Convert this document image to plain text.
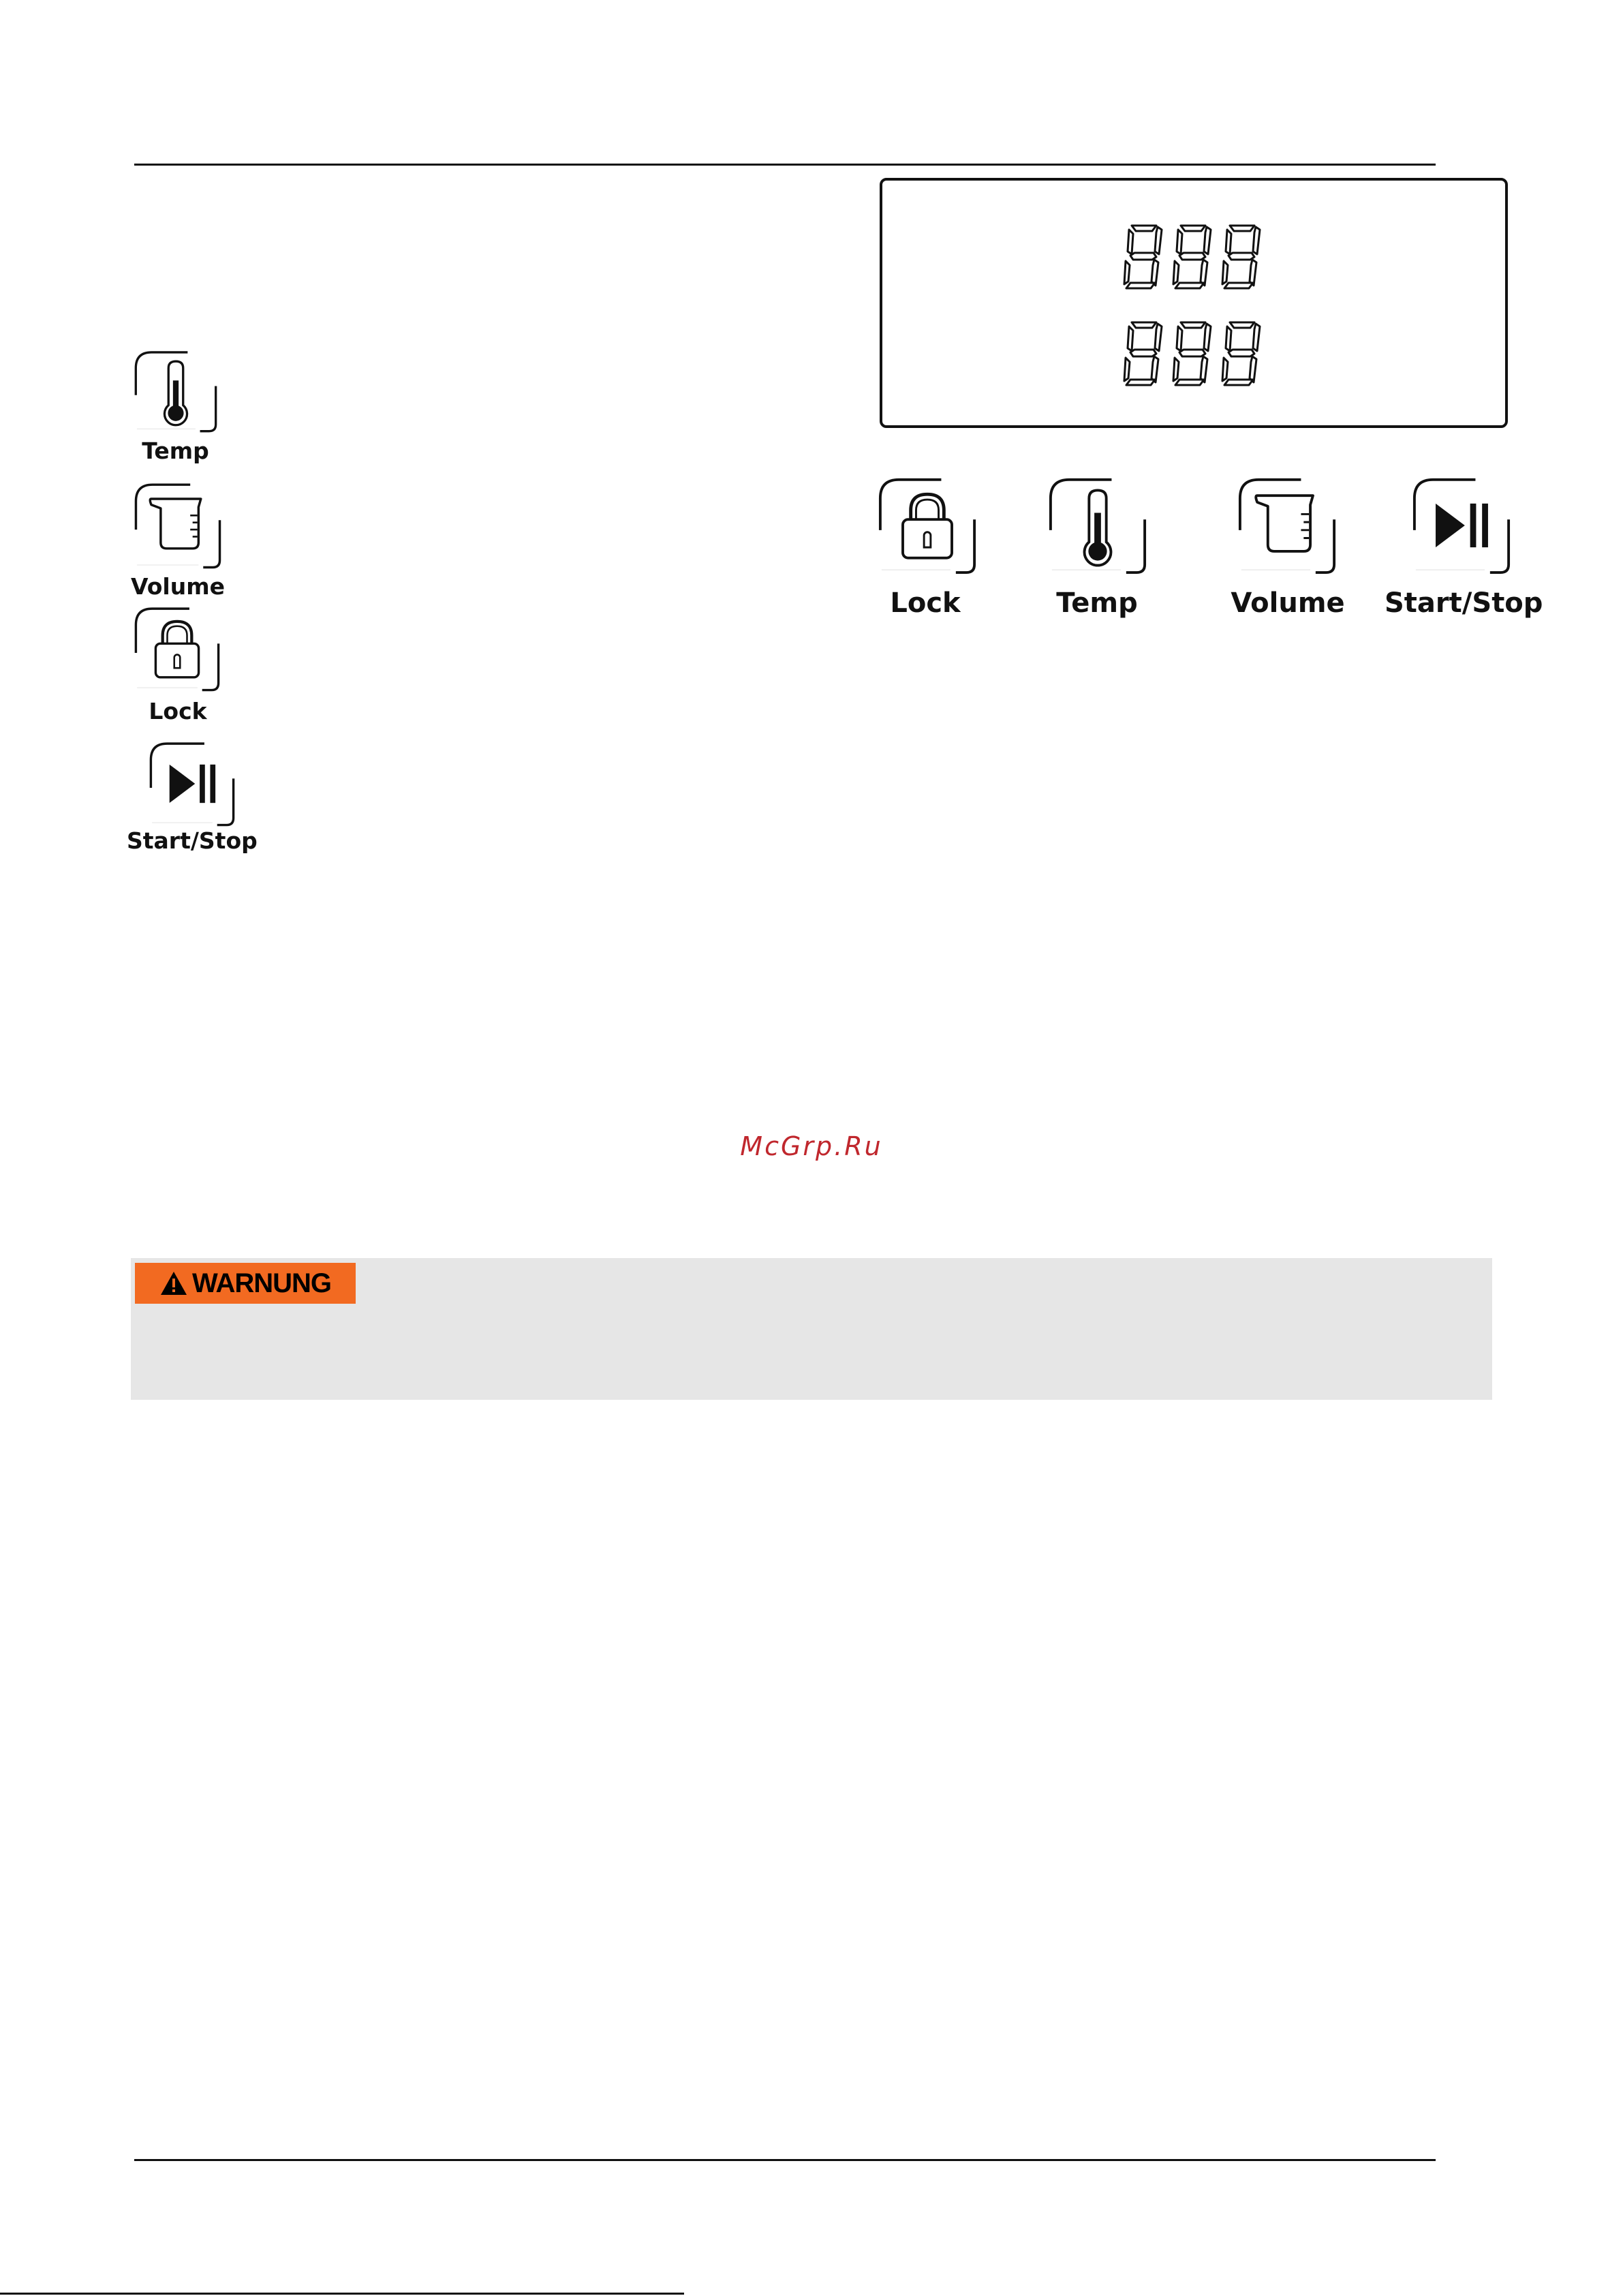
Temp
Volume
Lock
Start/Stop
Lock	Temp	Volume	Start/Stop
McGrp.Ru
WARNUNG
